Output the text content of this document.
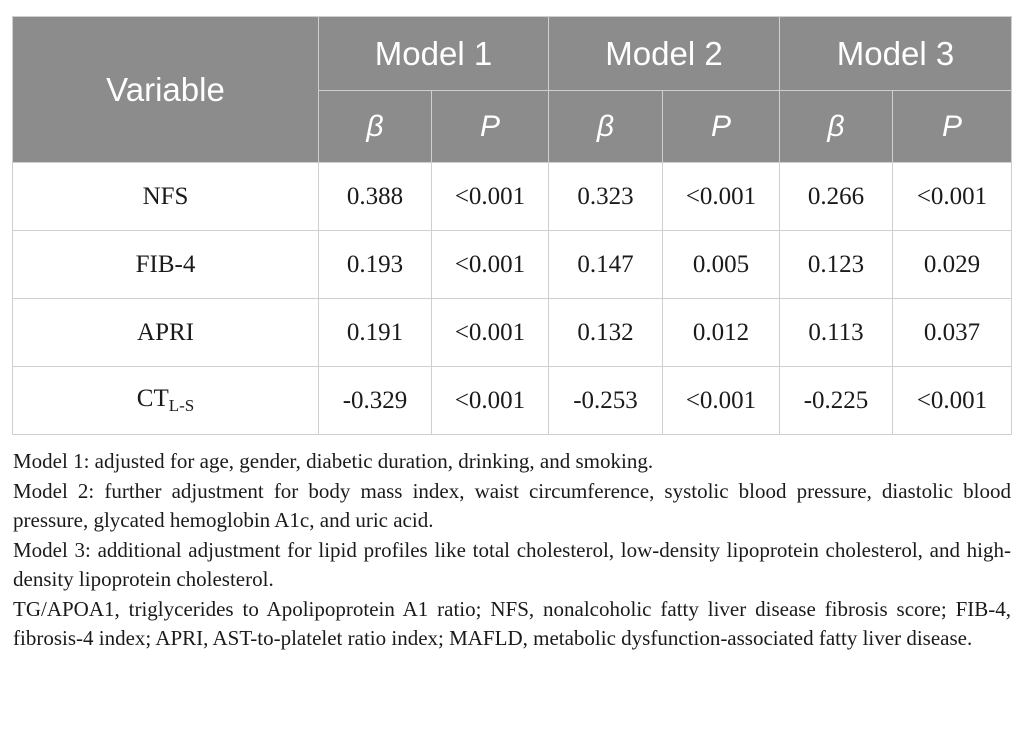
Variable	Model 1		Model 2		Model 3	
	β	P	β	P	β	P
NFS	0.388	<0.001	0.323	<0.001	0.266	<0.001
FIB-4	0.193	<0.001	0.147	0.005	0.123	0.029
APRI	0.191	<0.001	0.132	0.012	0.113	0.037
$CT_{L-S}$	-0.329	<0.001	-0.253	<0.001	-0.225	<0.001

Model 1: adjusted for age, gender, diabetic duration, drinking, and smoking.

Model 2: further adjustment for body mass index, waist circumference, systolic blood pressure, diastolic blood pressure, glycated hemoglobin A1c, and uric acid.

Model 3: additional adjustment for lipid profiles like total cholesterol, low-density lipoprotein cholesterol, and high-density lipoprotein cholesterol.

TG/APOA1, triglycerides to Apolipoprotein A1 ratio; NFS, nonalcoholic fatty liver disease fibrosis score; FIB-4, fibrosis-4 index; APRI, AST-to-platelet ratio index; MAFLD, metabolic dysfunction-associated fatty liver disease.
